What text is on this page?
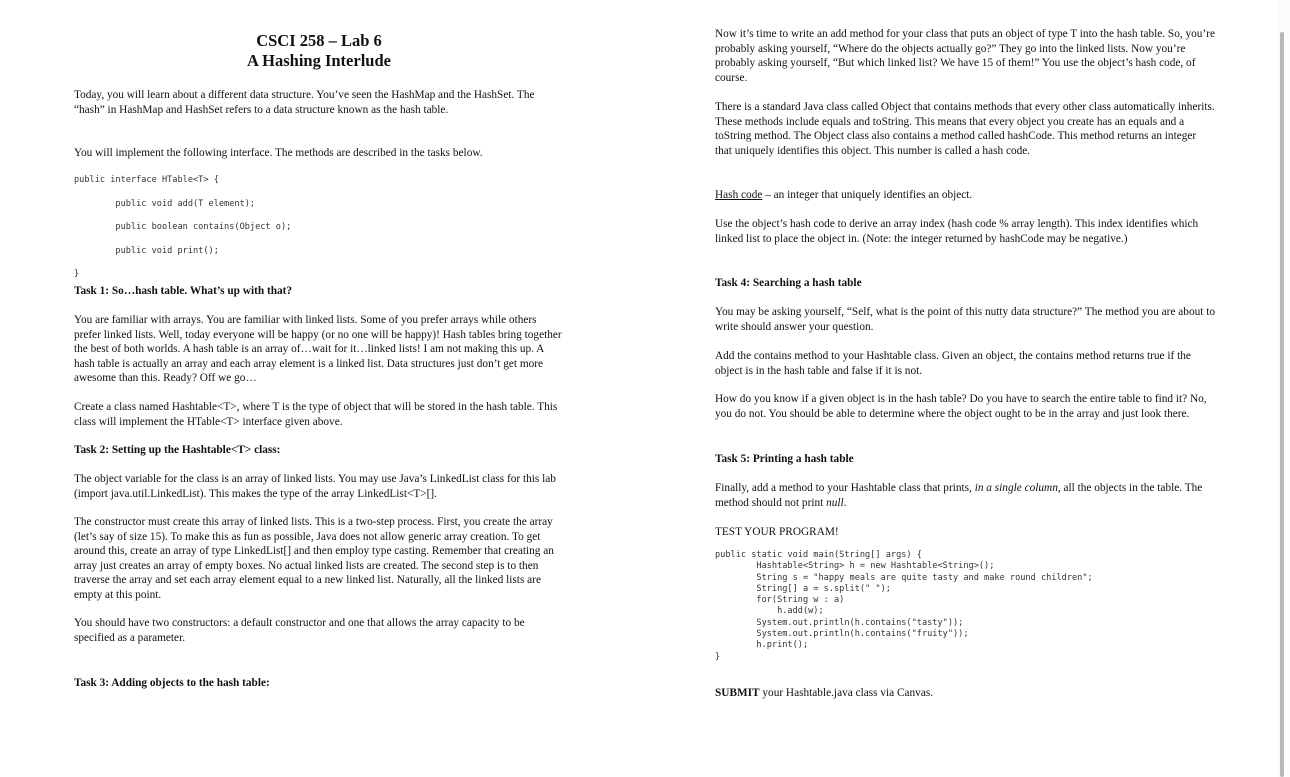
CSCI 258 – Lab 6
A Hashing Interlude

Today, you will learn about a different data structure. You’ve seen the HashMap and the HashSet. The “hash” in HashMap and HashSet refers to a data structure known as the hash table.

You will implement the following interface. The methods are described in the tasks below.

public interface HTable<T> {
public void add(T element);
public boolean contains(Object o);
public void print();
}

Task 1: So…hash table. What’s up with that?

You are familiar with arrays. You are familiar with linked lists. Some of you prefer arrays while others prefer linked lists. Well, today everyone will be happy (or no one will be happy)! Hash tables bring together the best of both worlds. A hash table is an array of…wait for it…linked lists! I am not making this up. A hash table is actually an array and each array element is a linked list. Data structures just don’t get more awesome than this. Ready? Off we go…

Create a class named Hashtable<T>, where T is the type of object that will be stored in the hash table. This class will implement the HTable<T> interface given above.

Task 2: Setting up the Hashtable<T> class:

The object variable for the class is an array of linked lists. You may use Java’s LinkedList class for this lab (import java.util.LinkedList). This makes the type of the array LinkedList<T>[].

The constructor must create this array of linked lists. This is a two-step process. First, you create the array (let’s say of size 15). To make this as fun as possible, Java does not allow generic array creation. To get around this, create an array of type LinkedList[] and then employ type casting. Remember that creating an array just creates an array of empty boxes. No actual linked lists are created. The second step is to then traverse the array and set each array element equal to a new linked list. Naturally, all the linked lists are empty at this point.

You should have two constructors: a default constructor and one that allows the array capacity to be specified as a parameter.

Task 3: Adding objects to the hash table:

Now it’s time to write an add method for your class that puts an object of type T into the hash table. So, you’re probably asking yourself, “Where do the objects actually go?” They go into the linked lists. Now you’re probably asking yourself, “But which linked list? We have 15 of them!” You use the object’s hash code, of course.

There is a standard Java class called Object that contains methods that every other class automatically inherits. These methods include equals and toString. This means that every object you create has an equals and a toString method. The Object class also contains a method called hashCode. This method returns an integer that uniquely identifies this object. This number is called a hash code.

Hash code – an integer that uniquely identifies an object.

Use the object’s hash code to derive an array index (hash code % array length). This index identifies which linked list to place the object in. (Note: the integer returned by hashCode may be negative.)

Task 4: Searching a hash table

You may be asking yourself, “Self, what is the point of this nutty data structure?” The method you are about to write should answer your question.

Add the contains method to your Hashtable class. Given an object, the contains method returns true if the object is in the hash table and false if it is not.

How do you know if a given object is in the hash table? Do you have to search the entire table to find it? No, you do not. You should be able to determine where the object ought to be in the array and just look there.

Task 5: Printing a hash table

Finally, add a method to your Hashtable class that prints, in a single column, all the objects in the table. The method should not print null.

TEST YOUR PROGRAM!

public static void main(String[] args) {
Hashtable<String> h = new Hashtable<String>();
String s = "happy meals are quite tasty and make round children";
String[] a = s.split(" ");
for(String w : a)
h.add(w);
System.out.println(h.contains("tasty"));
System.out.println(h.contains("fruity"));
h.print();
}

SUBMIT your Hashtable.java class via Canvas.
